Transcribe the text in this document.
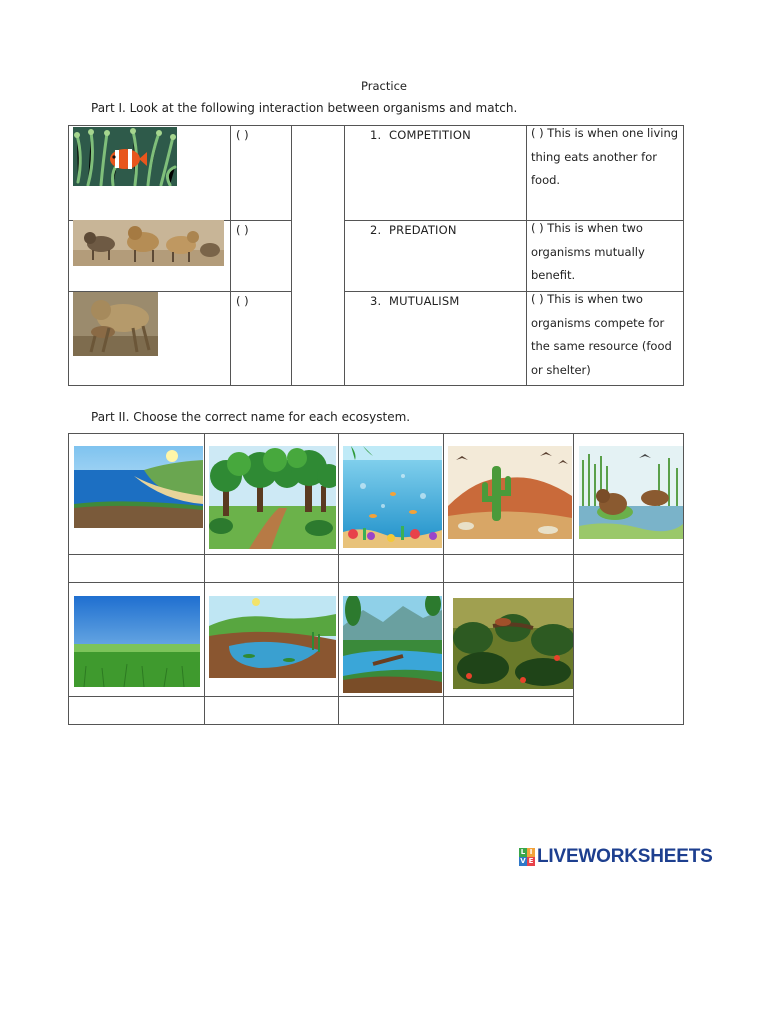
Practice
Part I. Look at the following interaction between organisms and match.
( )	1. COMPETITION	( ) This is when one living thing eats another for food.
( )	2. PREDATION	( ) This is when two organisms mutually benefit.
( )	3. MUTUALISM	( ) This is when two organisms compete for the same resource (food or shelter)
Part II. Choose the correct name for each ecosystem.
L I
V E LIVEWORKSHEETS
